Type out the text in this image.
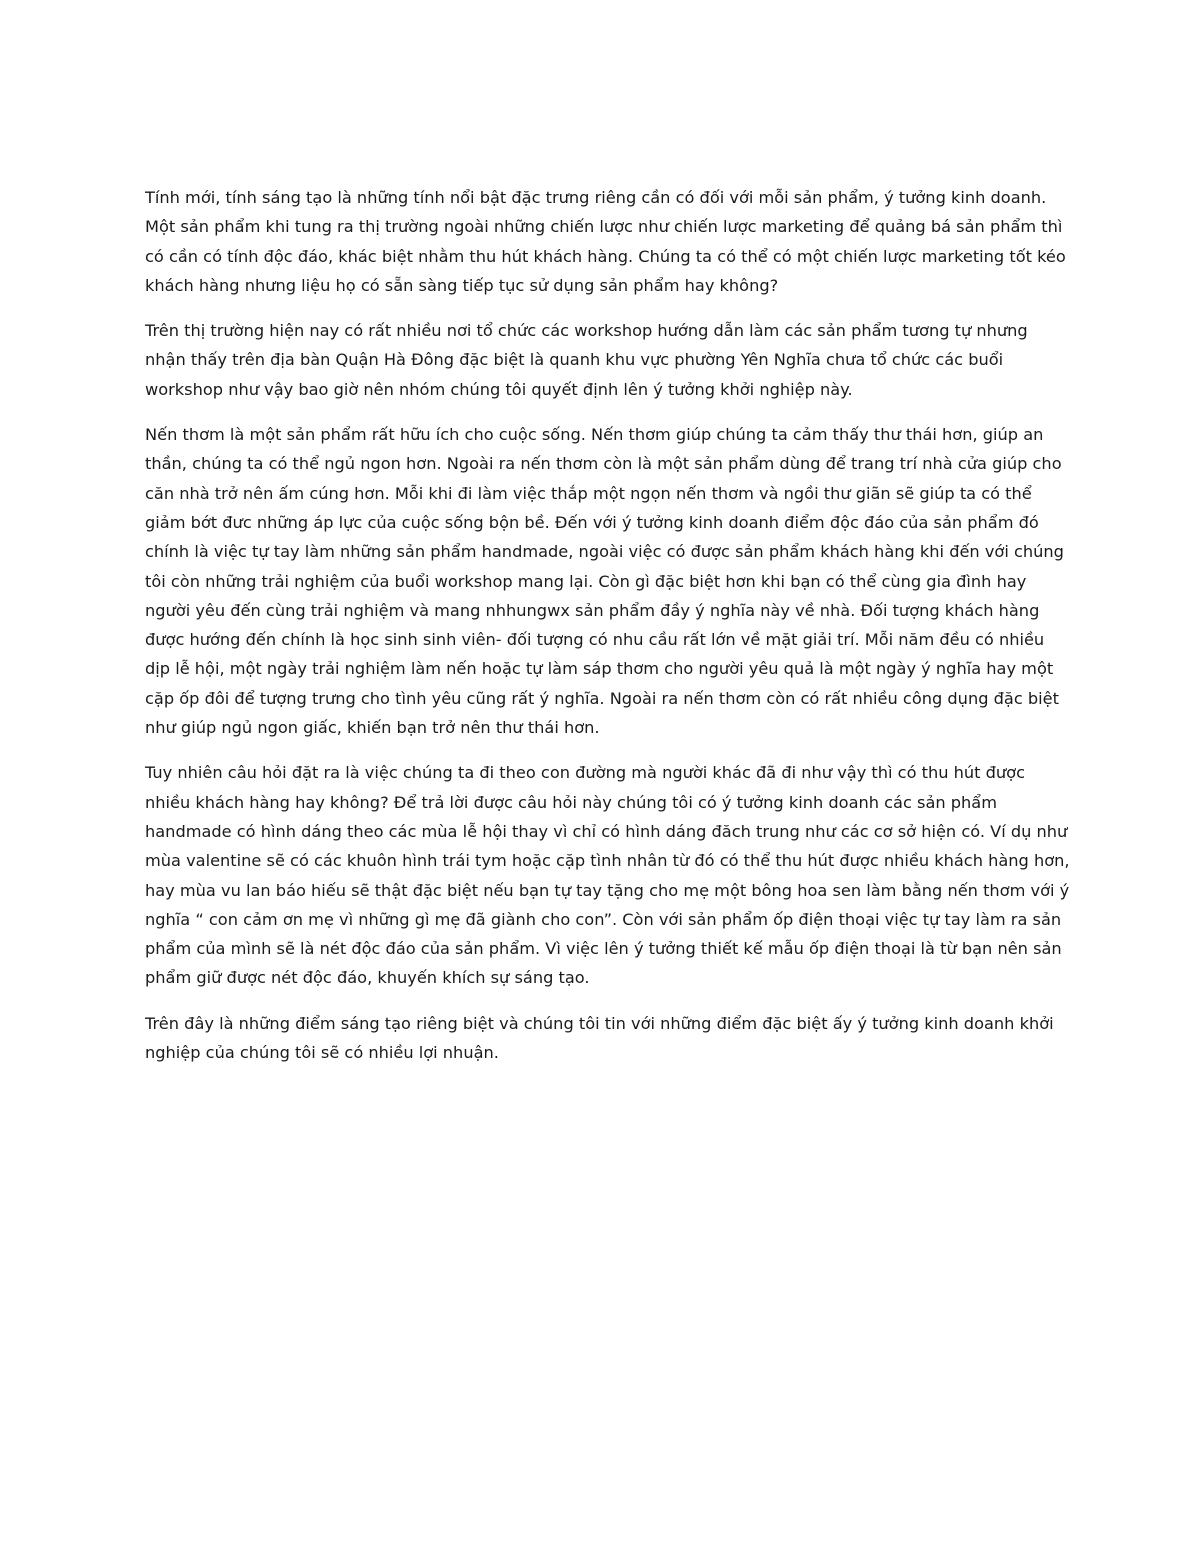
Tính mới, tính sáng tạo là những tính nổi bật đặc trưng riêng cần có đối với mỗi sản phẩm, ý tưởng kinh doanh. Một sản phẩm khi tung ra thị trường ngoài những chiến lược như chiến lược marketing để quảng bá sản phẩm thì có cần có tính độc đáo, khác biệt nhằm thu hút khách hàng. Chúng ta có thể có một chiến lược marketing tốt kéo khách hàng nhưng liệu họ có sẵn sàng tiếp tục sử dụng sản phẩm hay không?

Trên thị trường hiện nay có rất nhiều nơi tổ chức các workshop hướng dẫn làm các sản phẩm tương tự nhưng nhận thấy trên địa bàn Quận Hà Đông đặc biệt là quanh khu vực phường Yên Nghĩa chưa tổ chức các buổi workshop như vậy bao giờ nên nhóm chúng tôi quyết định lên ý tưởng khởi nghiệp này.

Nến thơm là một sản phẩm rất hữu ích cho cuộc sống. Nến thơm giúp chúng ta cảm thấy thư thái hơn, giúp an thần, chúng ta có thể ngủ ngon hơn. Ngoài ra nến thơm còn là một sản phẩm dùng để trang trí nhà cửa giúp cho căn nhà trở nên ấm cúng hơn. Mỗi khi đi làm việc thắp một ngọn nến thơm và ngồi thư giãn sẽ giúp ta có thể giảm bớt đưc những áp lực của cuộc sống bộn bề. Đến với ý tưởng kinh doanh điểm độc đáo của sản phẩm đó chính là việc tự tay làm những sản phẩm handmade, ngoài việc có được sản phẩm khách hàng khi đến với chúng tôi còn những trải nghiệm của buổi workshop mang lại. Còn gì đặc biệt hơn khi bạn có thể cùng gia đình hay người yêu đến cùng trải nghiệm và mang nhhungwx sản phẩm đầy ý nghĩa này về nhà. Đối tượng khách hàng được hướng đến chính là học sinh sinh viên- đối tượng có nhu cầu rất lớn về mặt giải trí. Mỗi năm đều có nhiều dịp lễ hội, một ngày trải nghiệm làm nến hoặc tự làm sáp thơm cho người yêu quả là một ngày ý nghĩa hay một cặp ốp đôi để tượng trưng cho tình yêu cũng rất ý nghĩa. Ngoài ra nến thơm còn có rất nhiều công dụng đặc biệt như giúp ngủ ngon giấc, khiến bạn trở nên thư thái hơn.

Tuy nhiên câu hỏi đặt ra là việc chúng ta đi theo con đường mà người khác đã đi như vậy thì có thu hút được nhiều khách hàng hay không? Để trả lời được câu hỏi này chúng tôi có ý tưởng kinh doanh các sản phẩm handmade có hình dáng theo các mùa lễ hội thay vì chỉ có hình dáng đăch trung như các cơ sở hiện có. Ví dụ như mùa valentine sẽ có các khuôn hình trái tym hoặc cặp tình nhân từ đó có thể thu hút được nhiều khách hàng hơn, hay mùa vu lan báo hiếu sẽ thật đặc biệt nếu bạn tự tay tặng cho mẹ một bông hoa sen làm bằng nến thơm với ý nghĩa “ con cảm ơn mẹ vì những gì mẹ đã giành cho con”. Còn với sản phẩm ốp điện thoại việc tự tay làm ra sản phẩm của mình sẽ là nét độc đáo của sản phẩm. Vì việc lên ý tưởng thiết kế mẫu ốp điện thoại là từ bạn nên sản phẩm giữ được nét độc đáo, khuyến khích sự sáng tạo.

Trên đây là những điểm sáng tạo riêng biệt và chúng tôi tin với những điểm đặc biệt ấy ý tưởng kinh doanh khởi nghiệp của chúng tôi sẽ có nhiều lợi nhuận.
